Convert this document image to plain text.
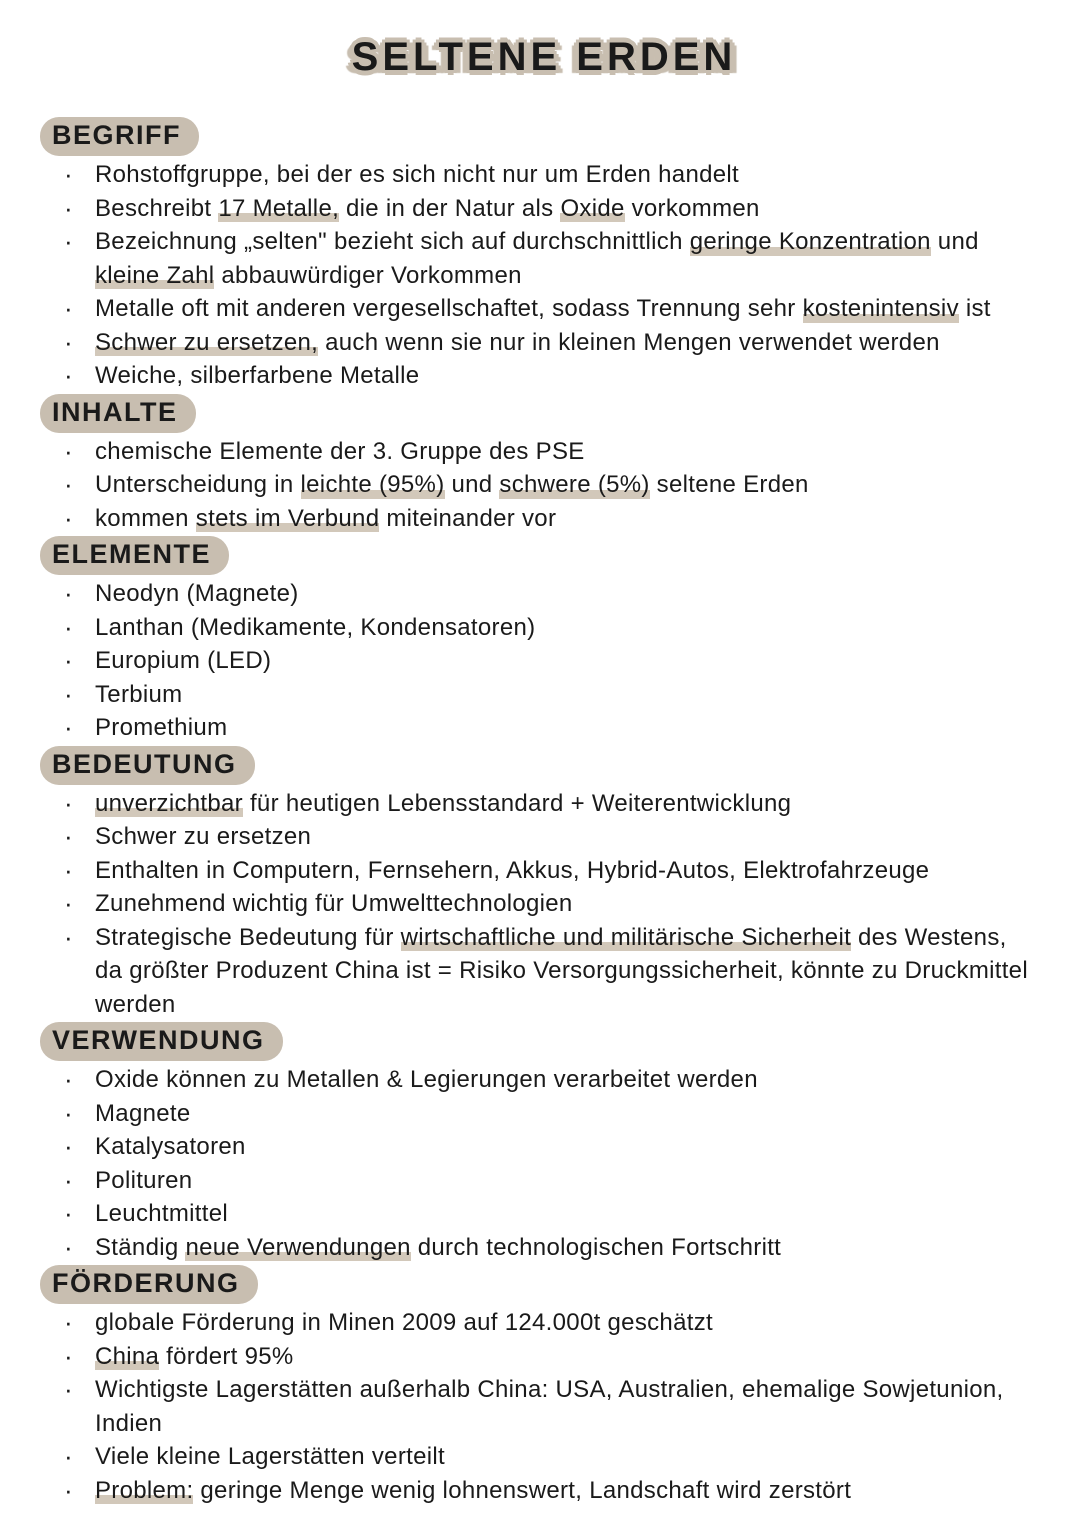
SELTENE ERDEN
BEGRIFF
· Rohstoffgruppe, bei der es sich nicht nur um Erden handelt
· Beschreibt 17 Metalle, die in der Natur als Oxide vorkommen
· Bezeichnung „selten" bezieht sich auf durchschnittlich geringe Konzentration und kleine Zahl abbauwürdiger Vorkommen
· Metalle oft mit anderen vergesellschaftet, sodass Trennung sehr kostenintensiv ist
· Schwer zu ersetzen, auch wenn sie nur in kleinen Mengen verwendet werden
· Weiche, silberfarbene Metalle
INHALTE
· chemische Elemente der 3. Gruppe des PSE
· Unterscheidung in leichte (95%) und schwere (5%) seltene Erden
· kommen stets im Verbund miteinander vor
ELEMENTE
· Neodyn (Magnete)
· Lanthan (Medikamente, Kondensatoren)
· Europium (LED)
· Terbium
· Promethium
BEDEUTUNG
· unverzichtbar für heutigen Lebensstandard + Weiterentwicklung
· Schwer zu ersetzen
· Enthalten in Computern, Fernsehern, Akkus, Hybrid-Autos, Elektrofahrzeuge
· Zunehmend wichtig für Umwelttechnologien
· Strategische Bedeutung für wirtschaftliche und militärische Sicherheit des Westens, da größter Produzent China ist = Risiko Versorgungssicherheit, könnte zu Druckmittel werden
VERWENDUNG
· Oxide können zu Metallen & Legierungen verarbeitet werden
· Magnete
· Katalysatoren
· Polituren
· Leuchtmittel
· Ständig neue Verwendungen durch technologischen Fortschritt
FÖRDERUNG
· globale Förderung in Minen 2009 auf 124.000t geschätzt
· China fördert 95%
· Wichtigste Lagerstätten außerhalb China: USA, Australien, ehemalige Sowjetunion, Indien
· Viele kleine Lagerstätten verteilt
· Problem: geringe Menge wenig lohnenswert, Landschaft wird zerstört
